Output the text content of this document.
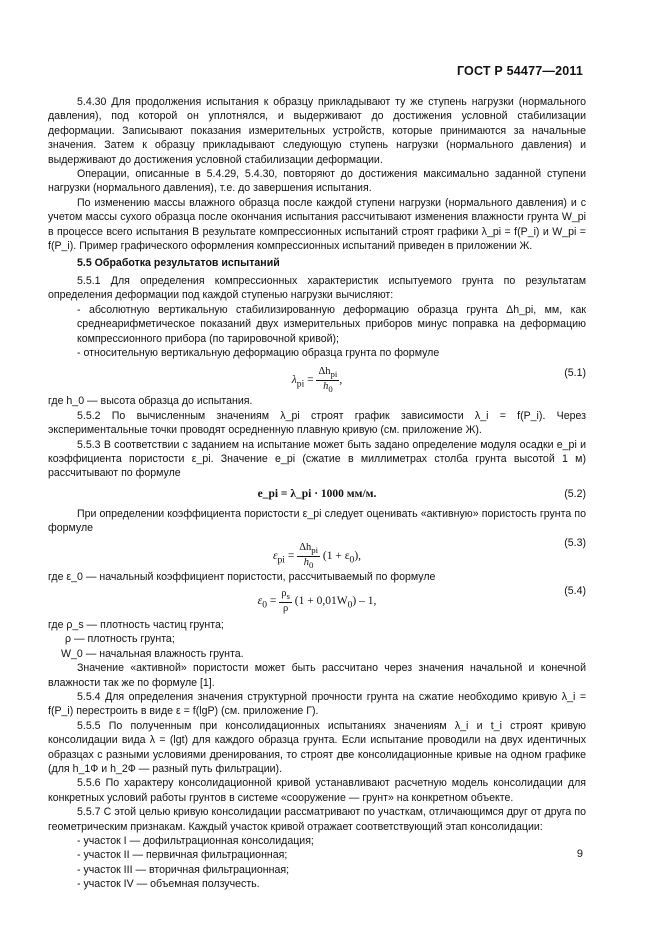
ГОСТ Р 54477—2011

5.4.30 Для продолжения испытания к образцу прикладывают ту же ступень нагрузки (нормального давления), под которой он уплотнялся, и выдерживают до достижения условной стабилизации деформации. Записывают показания измерительных устройств, которые принимаются за начальные значения. Затем к образцу прикладывают следующую ступень нагрузки (нормального давления) и выдерживают до достижения условной стабилизации деформации.

Операции, описанные в 5.4.29, 5.4.30, повторяют до достижения максимально заданной ступени нагрузки (нормального давления), т.е. до завершения испытания.

По изменению массы влажного образца после каждой ступени нагрузки (нормального давления) и с учетом массы сухого образца после окончания испытания рассчитывают изменения влажности грунта W_pi в процессе всего испытания В результате компрессионных испытаний строят графики λ_pi = f(P_i) и W_pi = f(P_i). Пример графического оформления компрессионных испытаний приведен в приложении Ж.

5.5 Обработка результатов испытаний

5.5.1 Для определения компрессионных характеристик испытуемого грунта по результатам определения деформации под каждой ступенью нагрузки вычисляют:

- абсолютную вертикальную стабилизированную деформацию образца грунта Δh_pi, мм, как среднеарифметическое показаний двух измерительных приборов минус поправка на деформацию компрессионного прибора (по тарировочной кривой);

- относительную вертикальную деформацию образца грунта по формуле

$\lambda_{pi} = \frac{\Delta h_{pi}}{h_0}$ ,
(5.1)

где h_0 — высота образца до испытания.

5.5.2 По вычисленным значениям λ_pi строят график зависимости λ_i = f(P_i). Через экспериментальные точки проводят осредненную плавную кривую (см. приложение Ж).

5.5.3 В соответствии с заданием на испытание может быть задано определение модуля осадки e_pi и коэффициента пористости ε_pi. Значение e_pi (сжатие в миллиметрах столба грунта высотой 1 м) рассчитывают по формуле

e_pi = λ_pi · 1000 мм/м.	(5.2)

При определении коэффициента пористости ε_pi следует оценивать «активную» пористость грунта по формуле

$\varepsilon_{pi} = \frac{\Delta h_{pi}}{h_0} (1 + \varepsilon_0)$,
(5.3)

где ε_0 — начальный коэффициент пористости, рассчитываемый по формуле

$\varepsilon_0 = \frac{\rho_s}{\rho} (1 + 0,01W_0) - 1$,
(5.4)

где ρ_s — плотность частиц грунта;

ρ — плотность грунта;

W_0 — начальная влажность грунта.

Значение «активной» пористости может быть рассчитано через значения начальной и конечной влажности так же по формуле [1].

5.5.4 Для определения значения структурной прочности грунта на сжатие необходимо кривую λ_i = f(P_i) перестроить в виде ε = f(lgP) (см. приложение Г).

5.5.5 По полученным при консолидационных испытаниях значениям λ_i и t_i строят кривую консолидации вида λ = (lgt) для каждого образца грунта. Если испытание проводили на двух идентичных образцах с разными условиями дренирования, то строят две консолидационные кривые на одном графике (для h_1Ф и h_2Ф — разный путь фильтрации).

5.5.6 По характеру консолидационной кривой устанавливают расчетную модель консолидации для конкретных условий работы грунтов в системе «сооружение — грунт» на конкретном объекте.

5.5.7 С этой целью кривую консолидации рассматривают по участкам, отличающимся друг от друга по геометрическим признакам. Каждый участок кривой отражает соответствующий этап консолидации:

- участок I — дофильтрационная консолидация;

- участок II — первичная фильтрационная;

- участок III — вторичная фильтрационная;

- участок IV — объемная ползучесть.

9
